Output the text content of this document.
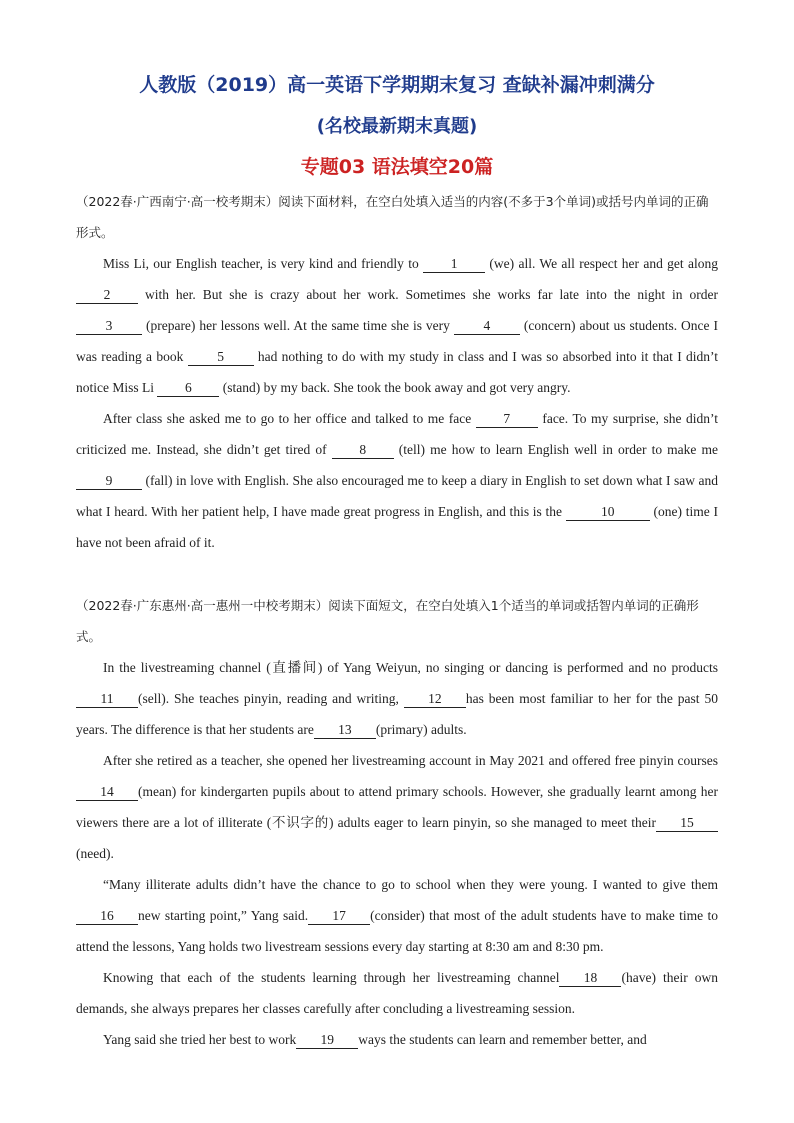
人教版（2019）高一英语下学期期末复习 查缺补漏冲刺满分
(名校最新期末真题)
专题03 语法填空20篇

（2022春·广西南宁·高一校考期末）阅读下面材料，在空白处填入适当的内容(不多于3个单词)或括号内单词的正确形式。

Miss Li, our English teacher, is very kind and friendly to 1 (we) all. We all respect her and get along 2 with her. But she is crazy about her work. Sometimes she works far late into the night in order 3 (prepare) her lessons well. At the same time she is very 4 (concern) about us students. Once I was reading a book 5 had nothing to do with my study in class and I was so absorbed into it that I didn’t notice Miss Li 6 (stand) by my back. She took the book away and got very angry.

After class she asked me to go to her office and talked to me face 7 face. To my surprise, she didn’t criticized me. Instead, she didn’t get tired of 8 (tell) me how to learn English well in order to make me 9 (fall) in love with English. She also encouraged me to keep a diary in English to set down what I saw and what I heard. With her patient help, I have made great progress in English, and this is the	10	(one) time I have not been afraid of it.

（2022春·广东惠州·高一惠州一中校考期末）阅读下面短文，在空白处填入1个适当的单词或括智内单词的正确形式。

In the livestreaming channel (直播间) of Yang Weiyun, no singing or dancing is performed and no products 11 (sell). She teaches pinyin, reading and writing, 12 has been most familiar to her for the past 50 years. The difference is that her students are 13 (primary) adults.

After she retired as a teacher, she opened her livestreaming account in May 2021 and offered free pinyin courses14 (mean) for kindergarten pupils about to attend primary schools. However, she gradually learnt among her viewers there are a lot of illiterate (不识字的) adults eager to learn pinyin, so she managed to meet their 15(need).

“Many illiterate adults didn’t have the chance to go to school when they were young. I wanted to give them16 new starting point,” Yang said. 17 (consider) that most of the adult students have to make time to attend the lessons, Yang holds two livestream sessions every day starting at 8:30 am and 8:30 pm.

Knowing that each of the students learning through her livestreaming channel 18 (have) their own demands, she always prepares her classes carefully after concluding a livestreaming session.

Yang said she tried her best to work 19 ways the students can learn and remember better, and
